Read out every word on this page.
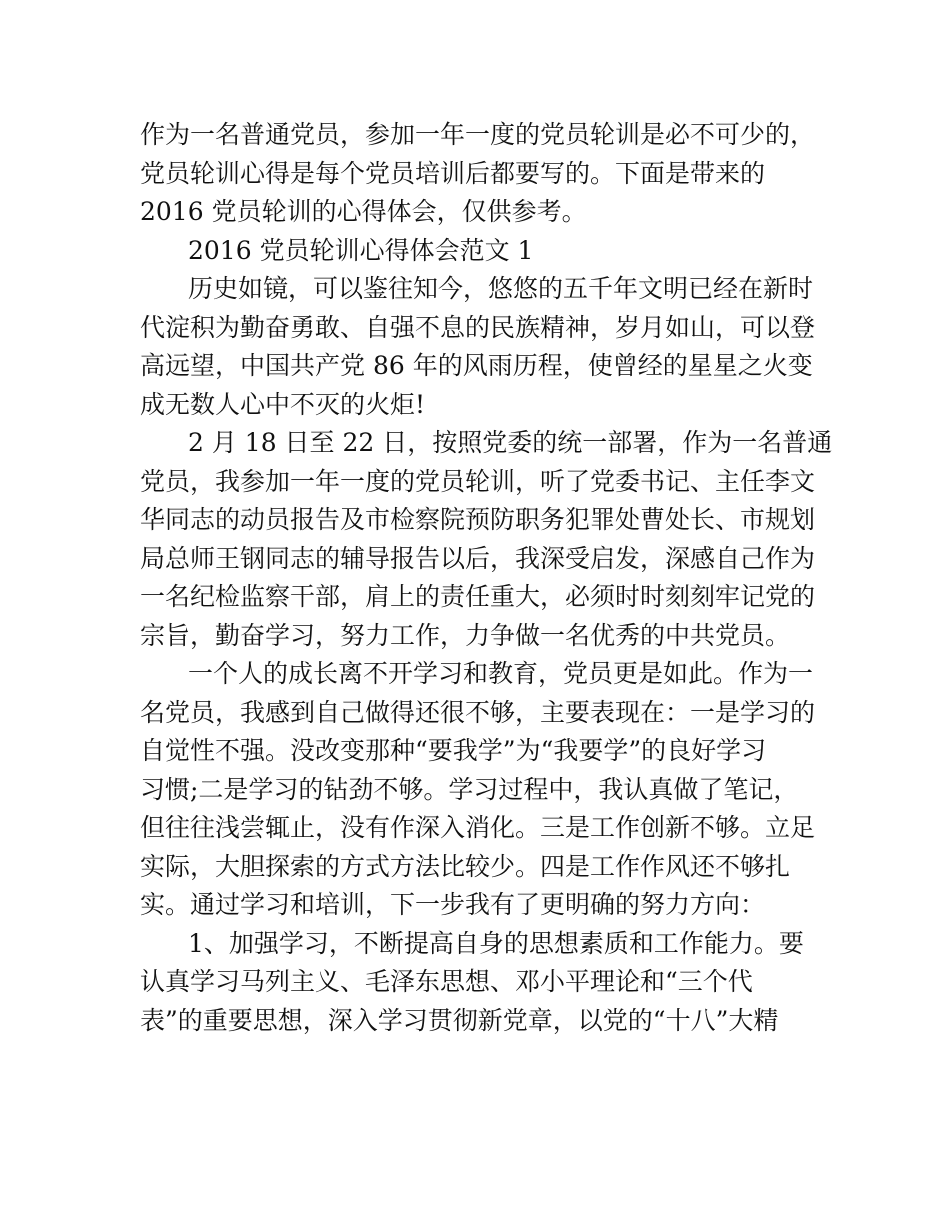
作为一名普通党员，参加一年一度的党员轮训是必不可少的，
党员轮训心得是每个党员培训后都要写的。下面是带来的
2016 党员轮训的心得体会，仅供参考。
2016 党员轮训心得体会范文 1
历史如镜，可以鉴往知今，悠悠的五千年文明已经在新时
代淀积为勤奋勇敢、自强不息的民族精神，岁月如山，可以登
高远望，中国共产党 86 年的风雨历程，使曾经的星星之火变
成无数人心中不灭的火炬!
2 月 18 日至 22 日，按照党委的统一部署，作为一名普通
党员，我参加一年一度的党员轮训，听了党委书记、主任李文
华同志的动员报告及市检察院预防职务犯罪处曹处长、市规划
局总师王钢同志的辅导报告以后，我深受启发，深感自己作为
一名纪检监察干部，肩上的责任重大，必须时时刻刻牢记党的
宗旨，勤奋学习，努力工作，力争做一名优秀的中共党员。
一个人的成长离不开学习和教育，党员更是如此。作为一
名党员，我感到自己做得还很不够，主要表现在：一是学习的
自觉性不强。没改变那种“要我学”为“我要学”的良好学习
习惯;二是学习的钻劲不够。学习过程中，我认真做了笔记，
但往往浅尝辄止，没有作深入消化。三是工作创新不够。立足
实际，大胆探索的方式方法比较少。四是工作作风还不够扎
实。通过学习和培训，下一步我有了更明确的努力方向：
1、加强学习，不断提高自身的思想素质和工作能力。要
认真学习马列主义、毛泽东思想、邓小平理论和“三个代
表”的重要思想，深入学习贯彻新党章，以党的“十八”大精
